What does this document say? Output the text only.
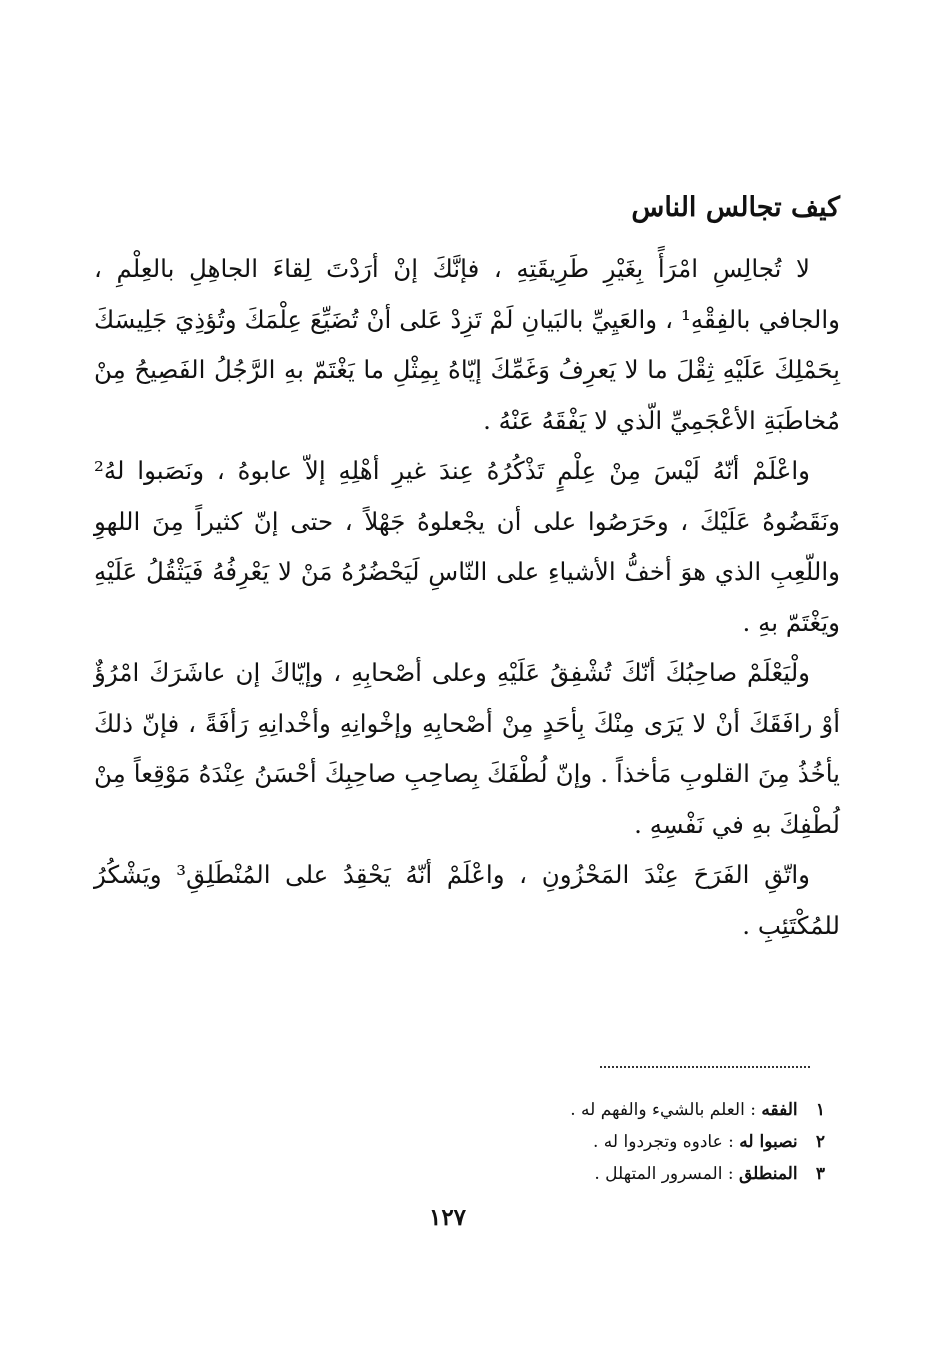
كيف تجالس الناس

لا تُجالِسِ امْرَأً بِغَيْرِ طَرِيقَتِهِ ، فإنَّكَ إنْ أرَدْتَ لِقاءَ الجاهِلِ بالعِلْمِ ، والجافي بالفِقْهِ¹ ، والعَيِيِّ بالبَيانِ لَمْ تَزِدْ عَلى أنْ تُضَيِّعَ عِلْمَكَ وتُؤذِيَ جَلِيسَكَ بِحَمْلِكَ عَلَيْهِ ثِقْلَ ما لا يَعرِفُ وَغَمِّكَ إيّاهُ بِمِثْلِ ما يَغْتَمّ بهِ الرَّجُلُ الفَصِيحُ مِنْ مُخاطَبَةِ الأعْجَمِيِّ الّذي لا يَفْقَهُ عَنْهُ .

واعْلَمْ أنّهُ لَيْسَ مِنْ عِلْمٍ تَذْكُرُهُ عِندَ غيرِ أهْلِهِ إلاّ عابوهُ ، ونَصَبوا لهُ² ونَقَضُوهُ عَلَيْكَ ، وحَرَصُوا على أن يجْعلوهُ جَهْلاً ، حتى إنّ كثيراً مِنَ اللهوِ واللّعِبِ الذي هوَ أخفُّ الأشياءِ على النّاسِ لَيَحْضُرُهُ مَنْ لا يَعْرِفُهُ فَيَثْقُلُ عَلَيْهِ ويَغْتَمّ بهِ .

ولْيَعْلَمْ صاحِبُكَ أنّكَ تُشْفِقُ عَلَيْهِ وعلى أصْحابِهِ ، وإيّاكَ إن عاشَرَكَ امْرُؤٌ أوْ رافَقَكَ أنْ لا يَرَى مِنْكَ بِأحَدٍ مِنْ أصْحابِهِ وإخْوانِهِ وأخْدانِهِ رَأفَةً ، فإنّ ذلكَ يأخُذُ مِنَ القلوبِ مَأخذاً . وإنّ لُطْفَكَ بِصاحِبِ صاحِبِكَ أحْسَنُ عِنْدَهُ مَوْقِعاً مِنْ لُطْفِكَ بهِ في نَفْسِهِ .

واتّقِ الفَرَحَ عِنْدَ المَحْزُونِ ، واعْلَمْ أنّهُ يَحْقِدُ على المُنْطَلِقِ³ ويَشْكُرُ للمُكْتَئِبِ .

١ الفقه : العلم بالشيء والفهم له .

٢ نصبوا له : عادوه وتجردوا له .

٣ المنطلق : المسرور المتهلل .

١٢٧
